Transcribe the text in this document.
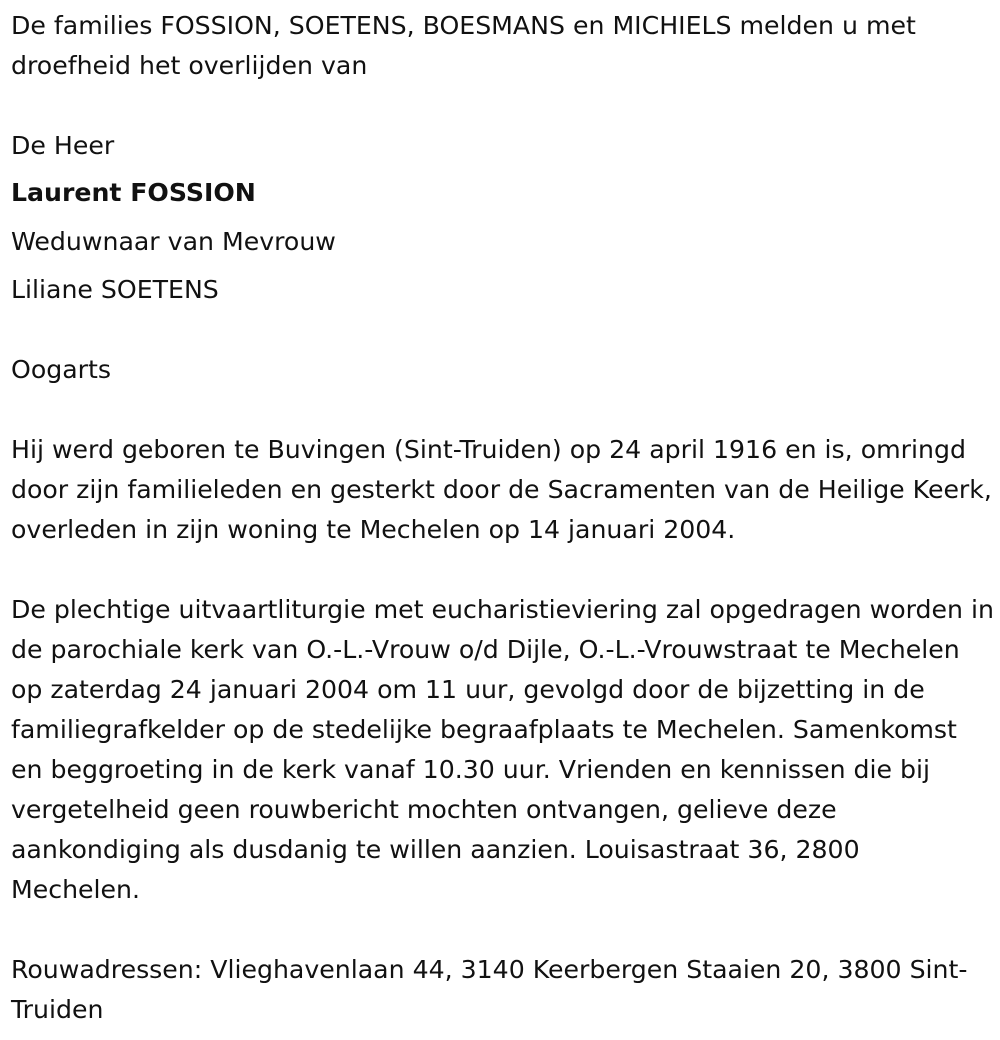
De families FOSSION, SOETENS, BOESMANS en MICHIELS melden u met droefheid het overlijden van
De Heer
Laurent FOSSION
Weduwnaar van Mevrouw
Liliane SOETENS
Oogarts
Hij werd geboren te Buvingen (Sint-Truiden) op 24 april 1916 en is, omringd door zijn familieleden en gesterkt door de Sacramenten van de Heilige Keerk, overleden in zijn woning te Mechelen op 14 januari 2004.
De plechtige uitvaartliturgie met eucharistieviering zal opgedragen worden in de parochiale kerk van O.-L.-Vrouw o/d Dijle, O.-L.-Vrouwstraat te Mechelen op zaterdag 24 januari 2004 om 11 uur, gevolgd door de bijzetting in de familiegrafkelder op de stedelijke begraafplaats te Mechelen. Samenkomst en beggroeting in de kerk vanaf 10.30 uur. Vrienden en kennissen die bij vergetelheid geen rouwbericht mochten ontvangen, gelieve deze aankondiging als dusdanig te willen aanzien. Louisastraat 36, 2800 Mechelen.
Rouwadressen: Vlieghavenlaan 44, 3140 Keerbergen Staaien 20, 3800 Sint-Truiden
